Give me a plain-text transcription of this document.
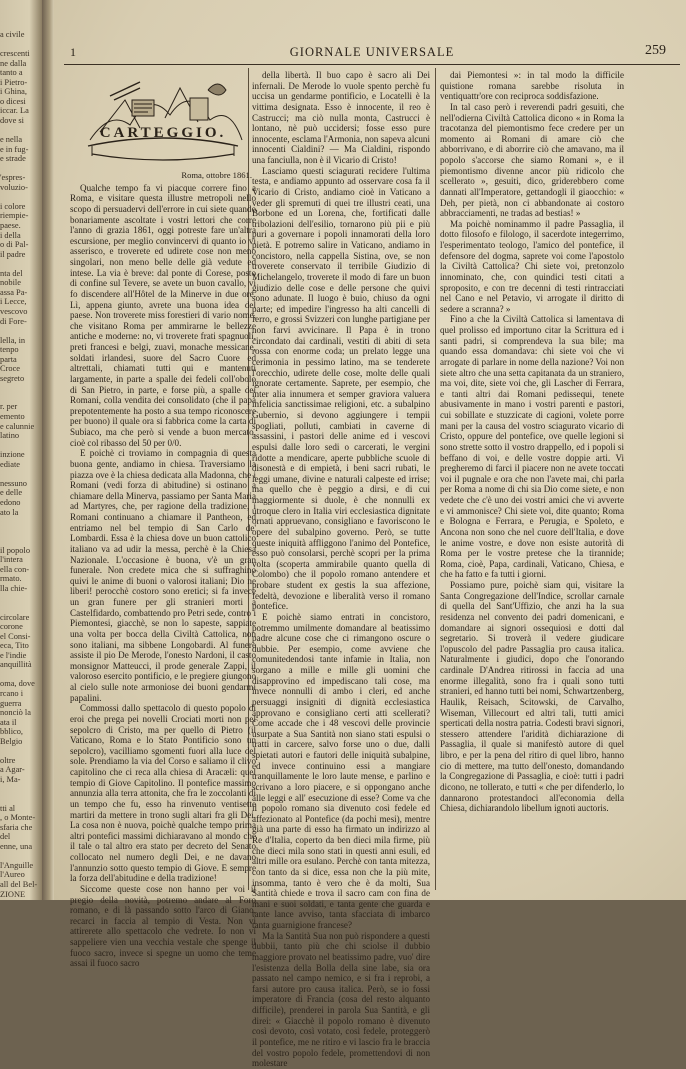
a civile
crescenti
ne dalla
tanto a
i Pietro-
i Ghina,
o dicesi
iccar. La
dove si
e nella
e in fug-
e strade
'espres-
voluzio-
i colore
riempie-
paese.
i della
o di Pal-
il padre
nta del
nobile
assa Pa-
i Lecce,
vescovo
di Fore-
lella, in
tenpo
parta
Croce
segreto
r. per
emento
e calunnie
latino
inzione
ediate
nessuno
e delle
edono
ato la
il popolo
l'intera
ella con-
rmato.
lla chie-
circolare
corone
el Consi-
eca, Tito
e l'indie
anquillità
oma, dove
rcano i
guerra
nonciò la
ata il
bblico,
Belgio
oltre
a Agar-
i, Ma-
tti al
, o Monte-
sfaria che
del
enne, una
l'Anguille
l'Aureo
all del Bel-
ZIONE
1	GIORNALE UNIVERSALE	259
CARTEGGIO.
Roma, ottobre 1861.

Qualche tempo fa vi piacque correre fino a Roma, e visitare questa illustre metropoli nello scopo di persuadervi dell'errore in cui siete quando bonariamente ascoltate i vostri lettori che corre l'anno di grazia 1861, oggi potreste fare un'altra escursione, per meglio convincervi di quanto io vi asserisco, e troverete ed udirete cose non meno singolari, non meno belle delle già vedute ed intese. La via è breve: dal ponte di Corese, posto di confine sul Tevere, se avete un buon cavallo, vi fo discendere all'Hôtel de la Minerve in due ore. Lì, appena giunto, avrete una buona idea del paese. Non troverete miss forestieri di vario nome, che visitano Roma per ammirarne le bellezze antiche e moderne: no, vi troverete frati spagnuoli, preti francesi e belgi, zuavi, monache messicane, soldati irlandesi, suore del Sacro Cuore ed altrettali, chiamati tutti qui e mantenuti largamente, in parte a spalle dei fedeli coll'obolo di San Pietro, in parte, e forse più, a spalle dei Romani, colla vendita dei consolidato (che il papà prepotentemente ha posto a sua tempo riconoscere per buono) il quale ora si fabbrica come la carta di Subiaco, ma che però si vende a buon mercato, cioè col ribasso del 50 per 0/0.

E poichè ci troviamo in compagnia di questa buona gente, andiamo in chiesa. Traversiamo la piazza ove è la chiesa dedicata alla Madonna, che i Romani (vedi forza di abitudine) si ostinano a chiamare della Minerva, passiamo per Santa Maria ad Martyres, che, per ragione della tradizione, i Romani continuano a chiamare il Pantheon, ed entriamo nel bel tempio di San Carlo de' Lombardi. Essa è la chiesa dove un buon cattolico italiano va ad udir la messa, perchè è la Chiesa Nazionale. L'occasione è buona, v'è un gran funerale. Non credete mica che si suffraghino quivi le anime di buoni o valorosi italiani; Dio ne liberi! perocchè costoro sono eretici; si fa invece un gran funere per gli stranieri morti a Castelfidardo, combattendo pro Petri sede, contro i Piemontesi, giacchè, se non lo sapeste, sappiate una volta per bocca della Civiltà Cattolica, non sono italiani, ma sibbene Longobardi. Al funere assiste il pio De Merode, l'onesto Nardoni, il casto monsignor Matteucci, il prode generale Zappi, il valoroso esercito pontificio, e le pregiere giungono al cielo sulle note armoniose dei buoni gendarmi papalini.

Commossi dallo spettacolo di questo popolo di eroi che prega pei novelli Crociati morti non pel sepolcro di Cristo, ma per quello di Pietro (il Vaticano, Roma e lo Stato Pontificio sono un sepolcro), vacilliamo sgomenti fuori alla luce del sole. Prendiamo la via del Corso e saliamo il clivo capitolino che ci reca alla chiesa di Aracæli: quel tempio di Giove Capitolino. Il pontefice massimo annunzia alla terra attonita, che fra le zoccolanti di un tempo che fu, esso ha rinvenuto ventisette martiri da mettere in trono sugli altari fra gli Dei. La cosa non è nuova, poichè qualche tempo prima altri pontefici massimi dichiaravano al mondo che il tale o tal altro era stato per decreto del Senato collocato nel numero degli Dei, e ne davano l'annunzio sotto questo tempio di Giove. E sempre la forza dell'abitudine e della tradizione!

Siccome queste cose non hanno per voi il pregio della novità, potremo andare al Foro romano, e di là passando sotto l'arco di Giano, recarci in faccia al tempio di Vesta. Non vi attirerete allo spettacolo che vedrete. Io non vi sappeliere vien una vecchia vestale che spenge il fuoco sacro, invece si spegne un uomo che teme assai il fuoco sacro

della libertà. Il buo capo è sacro ali Dei infernali. De Merode lo vuole spento perchè fu uccisa un gendarme pontificio, e Locatelli è la vittima designata. Esso è innocente, il reo è Castrucci; ma ciò nulla monta, Castrucci è lontano, nè può uccidersi; fosse esso pure innocente, esclama l'Armonia, non sapeva alcuni innocenti Cialdini? — Ma Cialdini, rispondo una fanciulla, non è il Vicario di Cristo!

Lasciamo questi sciagurati recidere l'ultima testa, e andiamo appunto ad osservare cosa fa il Vicario di Cristo, andiamo cioè in Vaticano a veder gli spremuti di quei tre illustri ceati, una Borbone ed un Lorena, che, fortificati dalle tribolazioni dell'esilio, tornarono più pii e più puri a governare i popoli innamorati della loro pietà. E potremo salire in Vaticano, andiamo in concistoro, nella cappella Sistina, ove, se non troverete conservato il terribile Giudizio di Michelangelo, troverete il modo di fare un buon giudizio delle cose e delle persone che quivi sono adunate. Il luogo è buio, chiuso da ogni parte; ed impedire l'ingresso ha alti cancelli di ferro, e grossi Svizzeri con lunghe partigiane per non farvi avvicinare. Il Papa è in trono circondato dai cardinali, vestiti di abiti di seta rossa con enorme coda; un prelato legge una cerimonia in pessimo latino, ma se tenderete l'orecchio, udirete delle cose, molte delle quali ignorate certamente. Saprete, per esempio, che inter alia innumera et semper graviora valuera infelicia sanctissimae religioni, etc. a subalpino Gubernio, si devono aggiungere i tempii spogliati, polluti, cambiati in caverne di assassini, i pastori delle anime ed i vescovi espulsi dalle loro sedi o carcerati, le vergini ridotte a mendicare, aperte pubbliche scuole di disonestà e di empietà, i beni sacri rubati, le leggi umane, divine e naturali calpeste ed irrise; ma quello che è peggio a dirsi, e di cui maggiormente si duole, è che nonnulli ex utroque clero in Italia viri ecclesiastica dignitate ornati appruevano, consigliano e favoriscono le opere del subalpino governo. Però, se tutte queste iniquità affliggono l'animo del Pontefice, esso può consolarsi, perchè scopri per la prima volta (scoperta ammirabile quanto quella di Colombo) che il popolo romano antendere et probare student ex gestis la sua affezione, fedeltà, devozione e liberalità verso il romano pontefice.

E poichè siamo entrati in concistoro, potremmo umilmente domandare al beatissimo padre alcune cose che ci rimangono oscure o dubbie. Per esempio, come avviene che comunitedendosi tante infamie in Italia, non sorgano a mille e mille gli uomini che disapprovino ed impediscano tali cose, ma invece nonnulli di ambo i cleri, ed anche persuaggi insignitì di dignità ecclesiastica approvano e consigliano certi atti scellerati? Come accade che i 48 vescovi delle provincie usurpate a Sua Santità non siano stati espulsi o tratti in carcere, salvo forse uno o due, dalli spietati autori e fautori delle iniquità subalpine, ed invece continuino essi a mangiare tranquillamente le loro laute mense, e parlino e scrivano a loro piacere, e si oppongano anche alle leggi e all' esecuzione di esse? Come va che il popolo romano sia divenuto così fedele ed affezionato al Pontefice (da pochi mesi), mentre già una parte di esso ha firmato un indirizzo al Re d'Italia, coperto da ben dieci mila firme, più che dieci mila sono stati in questi anni esuli, ed altri mille ora esulano. Perchè con tanta mitezza, con tanto da si dice, essa non che la più mite, insomma, tanto è vero che è da molti, Sua Santità chiede e trova il sacro cam con fina de mani e suoi soldati, e tanta gente che guarda e tante lance avviso, tanta sfacciata di imbarco tanta guarnigione francese?

Ma la Santità Sua non può rispondere a questi dubbii, tanto più che chi sciolse il dubbio maggiore provato nel beatissimo padre, vuo' dire l'esistenza della Bolla della sine labe, sia ora passato nel campo nemico, e si fra i reprobi, a farsi autore pro causa italica. Però, se io fossi imperatore di Francia (cosa del resto alquanto difficile), prenderei in parola Sua Santità, e gli direi: « Giacchè il popolo romano è divenuto così devoto, così votato, così fedele, proteggerò il pontefice, me ne ritiro e vi lascio fra le braccia del vostro popolo fedele, promettendovi di non molestare

dai Piemontesi »: in tal modo la difficile quistione romana sarebbe risoluta in ventiquattr'ore con reciproca soddisfazione.

In tal caso però i reverendi padri gesuiti, che nell'odierna Civiltà Cattolica dicono « in Roma la tracotanza del piemontismo fece credere per un momento ai Romani di amare ciò che abborrivano, e di aborrire ciò che amavano, ma il popolo s'accorse che siamo Romani », e il piemontismo divenne ancor più ridicolo che scellerato », gesuiti, dico, griderebbero come dannati all'Imperatore, gettandogli il giaocchio: « Deh, per pietà, non ci abbandonate ai costoro abbracciamenti, ne tradas ad bestias! »

Ma poichè nominammo il padre Passaglia, il dotto filosofo e filologo, il sacerdote integerrimo, l'esperimentato teologo, l'amico del pontefice, il defensore del dogma, saprete voi come l'apostolo la Civiltà Cattolica? Chi siete voi, pretonzolo innominato, che, con quindici testi citati a sproposito, e con tre decenni di testi rintracciati nel Cano e nel Petavio, vi arrogate il diritto di sedere a scranna? »

Fino a che la Civiltà Cattolica si lamentava di quel prolisso ed importuno citar la Scrittura ed i santi padri, si comprendeva la sua bile; ma quando essa domandava: chi siete voi che vi arrogate di parlare in nome della nazione? Voi non siete altro che una setta capitanata da un straniero, ma voi, dite, siete voi che, gli Lascher di Ferrara, e tanti altri dai Romani pedissequi, tenete abusivamente in mano i vostri parenti e pastori, cui sobillate e stuzzicate di cagioni, volete porre mani per la causa del vostro sciagurato vicario di Cristo, oppure del pontefice, ove quelle legioni si sono strette sotto il vostro drappello, ed i popoli si beffano di voi, e delle vostre doppie arti. Vi pregheremo di farci il piacere non ne avete toccati voi il pugnale e ora che non l'avete mai, chi parla per Roma a nome di chi sia Dio come siete, e non vedete che c'è uno dei vostri amici che vi avverte e vi ammonisce? Chi siete voi, dite quanto; Roma e Bologna e Ferrara, e Perugia, e Spoleto, e Ancona non sono che nel cuore dell'Italia, e dove le anime vostre, e dove non esiste autorità di Roma per le vostre pretese che la tirannide; Roma, cioè, Papa, cardinali, Vaticano, Chiesa, e che ha fatto e fa tutti i giorni.

Possiamo pure, poichè siam qui, visitare la Santa Congregazione dell'Indice, scrollar carnale di quella del Sant'Uffizio, che anzi ha la sua residenza nel convento dei padri domenicani, e domandare ai signori ossequiosi e dotti dal segretario. Si troverà il vedere giudicare l'opuscolo del padre Passaglia pro causa italica. Naturalmente i giudici, dopo che l'onorando cardinale D'Andrea ritirossi in faccia ad una enorme illegalità, sono fra i quali sono tutti stranieri, ed hanno tutti bei nomi, Schwartzenberg, Haulik, Reisach, Scitowski, de Carvalho, Wiseman, Villecourt ed altri tali, tutti amici sperticati della nostra patria. Codesti bravi signori, stessero attendere l'aridità dichiarazione di Passaglia, il quale si manifestò autore di quel libro, e per la pena del ritiro di quel libro, hanno cio di mettere, ma tutto dell'onesto, domandando la Congregazione di Passaglia, e cioè: tutti i padri dicono, ne tollerato, e tutti « che per difenderlo, lo dannarono protestandoci all'economia della Chiesa, dichiarandolo libellum ignoti auctoris.
